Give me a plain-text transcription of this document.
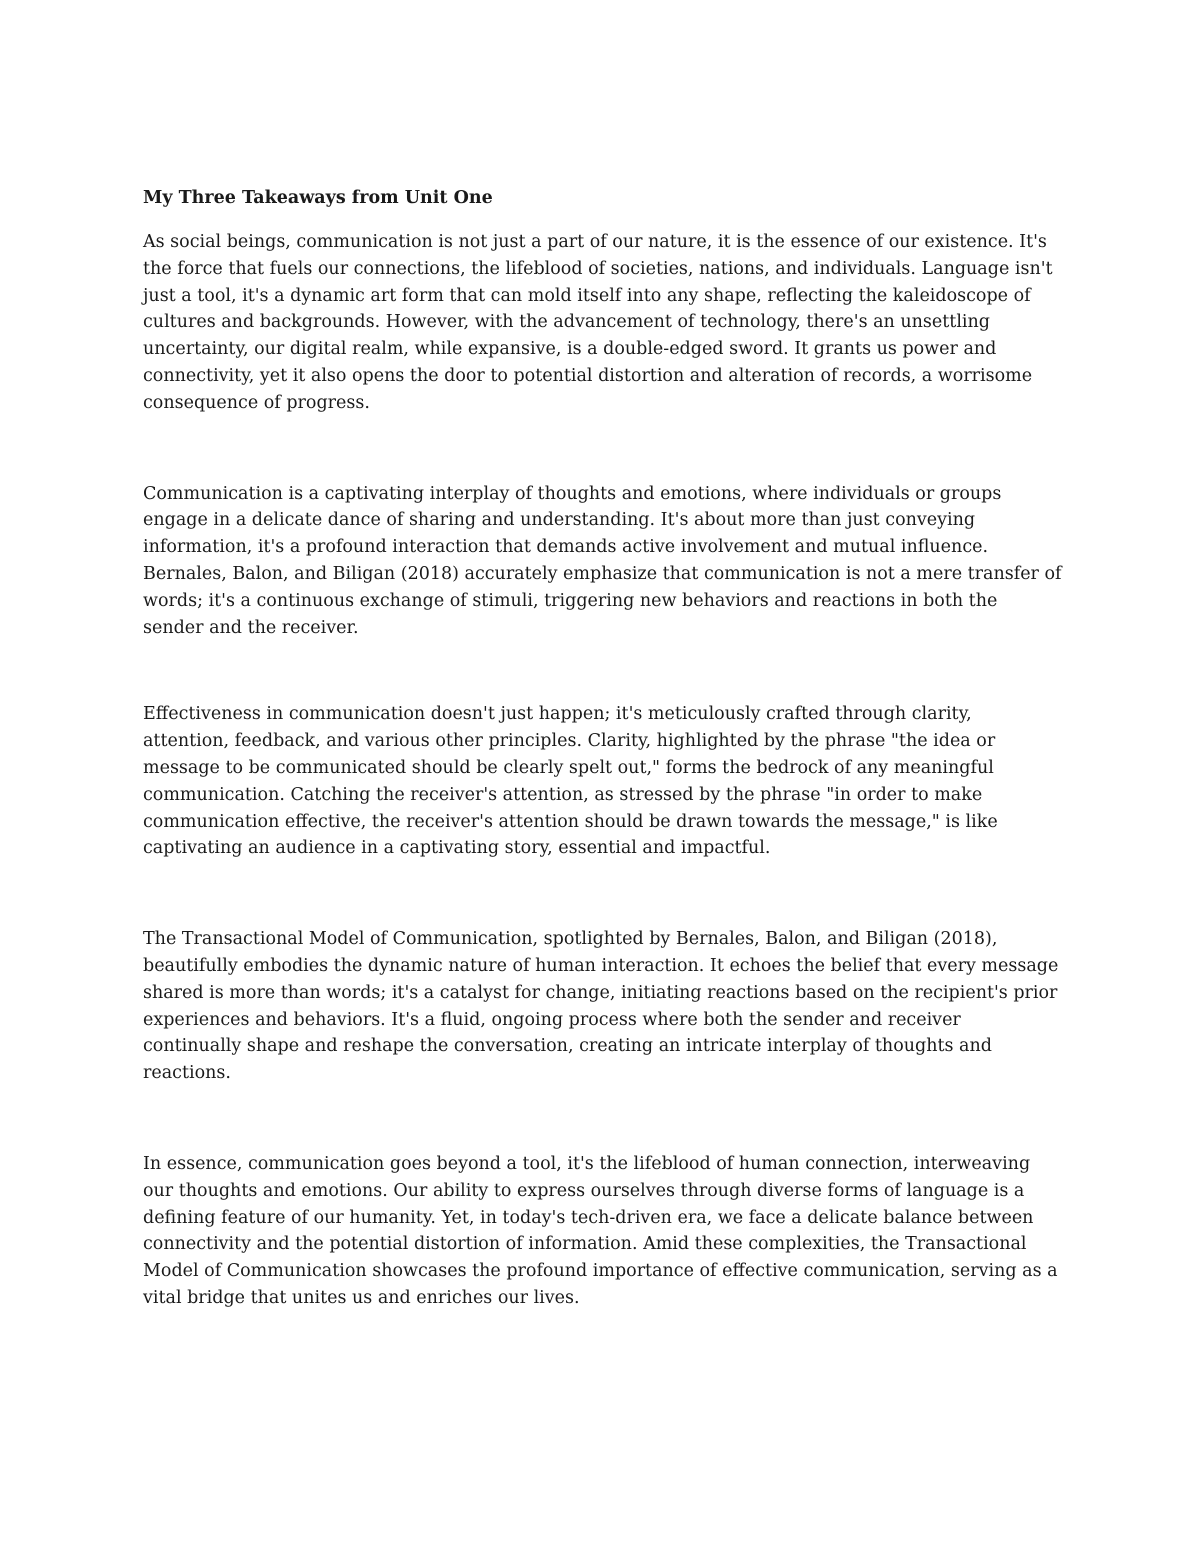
My Three Takeaways from Unit One

As social beings, communication is not just a part of our nature, it is the essence of our existence. It's the force that fuels our connections, the lifeblood of societies, nations, and individuals. Language isn't just a tool, it's a dynamic art form that can mold itself into any shape, reflecting the kaleidoscope of cultures and backgrounds. However, with the advancement of technology, there's an unsettling uncertainty, our digital realm, while expansive, is a double-edged sword. It grants us power and connectivity, yet it also opens the door to potential distortion and alteration of records, a worrisome consequence of progress.

Communication is a captivating interplay of thoughts and emotions, where individuals or groups engage in a delicate dance of sharing and understanding. It's about more than just conveying information, it's a profound interaction that demands active involvement and mutual influence. Bernales, Balon, and Biligan (2018) accurately emphasize that communication is not a mere transfer of words; it's a continuous exchange of stimuli, triggering new behaviors and reactions in both the sender and the receiver.

Effectiveness in communication doesn't just happen; it's meticulously crafted through clarity, attention, feedback, and various other principles. Clarity, highlighted by the phrase "the idea or message to be communicated should be clearly spelt out," forms the bedrock of any meaningful communication. Catching the receiver's attention, as stressed by the phrase "in order to make communication effective, the receiver's attention should be drawn towards the message," is like captivating an audience in a captivating story, essential and impactful.

The Transactional Model of Communication, spotlighted by Bernales, Balon, and Biligan (2018), beautifully embodies the dynamic nature of human interaction. It echoes the belief that every message shared is more than words; it's a catalyst for change, initiating reactions based on the recipient's prior experiences and behaviors. It's a fluid, ongoing process where both the sender and receiver continually shape and reshape the conversation, creating an intricate interplay of thoughts and reactions.

In essence, communication goes beyond a tool, it's the lifeblood of human connection, interweaving our thoughts and emotions. Our ability to express ourselves through diverse forms of language is a defining feature of our humanity. Yet, in today's tech-driven era, we face a delicate balance between connectivity and the potential distortion of information. Amid these complexities, the Transactional Model of Communication showcases the profound importance of effective communication, serving as a vital bridge that unites us and enriches our lives.
